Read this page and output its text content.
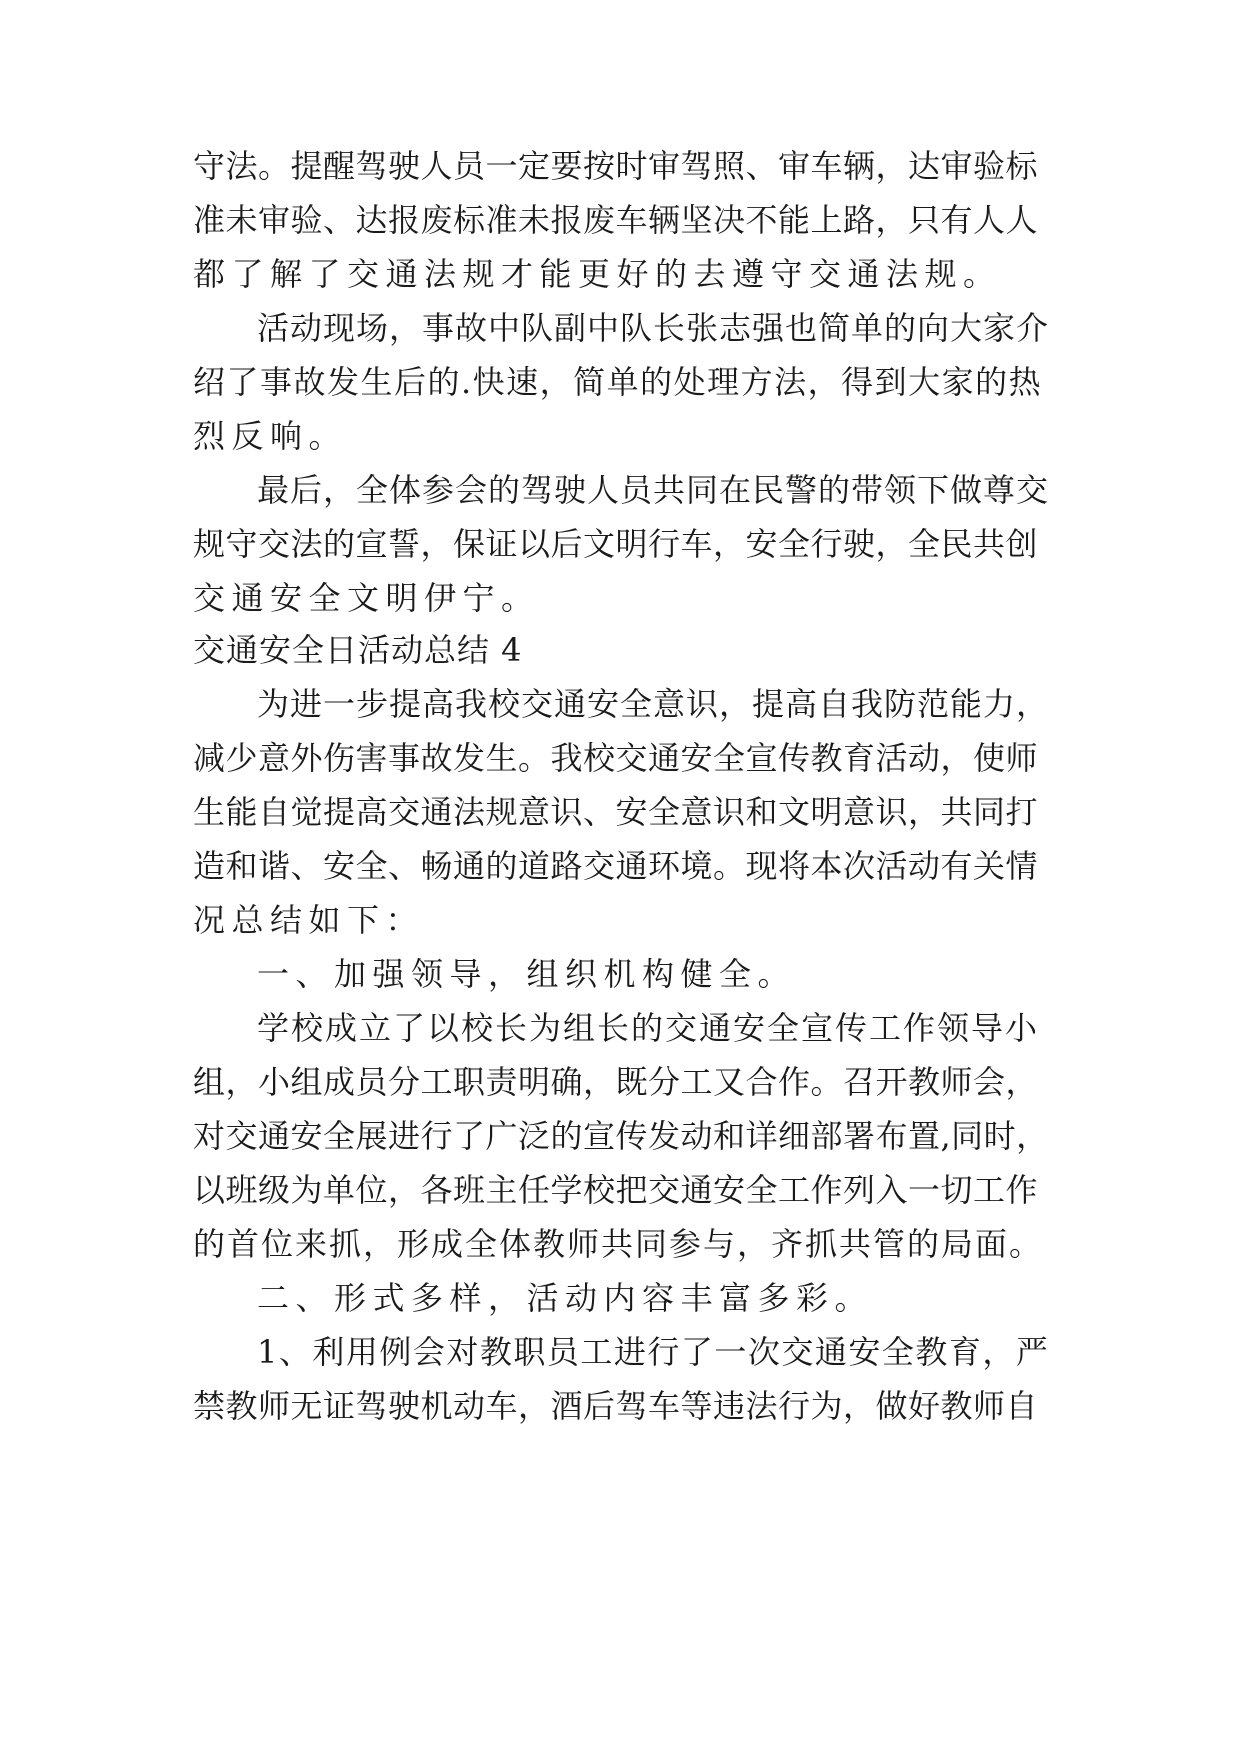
守法。提醒驾驶人员一定要按时审驾照、审车辆，达审验标
准未审验、达报废标准未报废车辆坚决不能上路，只有人人
都了解了交通法规才能更好的去遵守交通法规。
活动现场，事故中队副中队长张志强也简单的向大家介
绍了事故发生后的.快速，简单的处理方法，得到大家的热
烈反响。
最后，全体参会的驾驶人员共同在民警的带领下做尊交
规守交法的宣誓，保证以后文明行车，安全行驶，全民共创
交通安全文明伊宁。
交通安全日活动总结 4
为进一步提高我校交通安全意识，提高自我防范能力，
减少意外伤害事故发生。我校交通安全宣传教育活动，使师
生能自觉提高交通法规意识、安全意识和文明意识，共同打
造和谐、安全、畅通的道路交通环境。现将本次活动有关情
况总结如下：
一、加强领导，组织机构健全。
学校成立了以校长为组长的交通安全宣传工作领导小
组，小组成员分工职责明确，既分工又合作。召开教师会，
对交通安全展进行了广泛的宣传发动和详细部署布置,同时，
以班级为单位，各班主任学校把交通安全工作列入一切工作
的首位来抓，形成全体教师共同参与，齐抓共管的局面。
二、形式多样，活动内容丰富多彩。
1、利用例会对教职员工进行了一次交通安全教育，严
禁教师无证驾驶机动车，酒后驾车等违法行为，做好教师自
